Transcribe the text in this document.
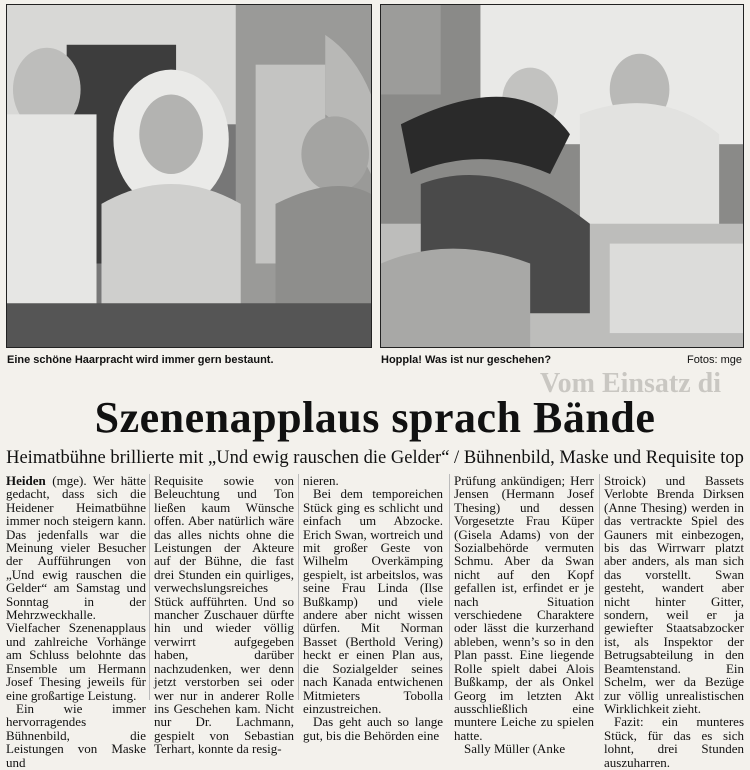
Eine schöne Haarpracht wird immer gern bestaunt.	Hoppla! Was ist nur geschehen?	Fotos: mge
Vom Einsatz di
Szenenapplaus sprach Bände
Heimatbühne brillierte mit „Und ewig rauschen die Gelder“ / Bühnenbild, Maske und Requisite top

Heiden (mge). Wer hätte gedacht, dass sich die Heidener Heimatbühne immer noch steigern kann. Das jedenfalls war die Meinung vieler Besucher der Aufführungen von „Und ewig rauschen die Gelder“ am Samstag und Sonntag in der Mehrzweckhalle. Vielfacher Szenenapplaus und zahlreiche Vorhänge am Schluss belohnte das Ensemble um Hermann Josef Thesing jeweils für eine großartige Leistung.

Ein wie immer hervorragendes Bühnenbild, die Leistungen von Maske und

Requisite sowie von Beleuchtung und Ton ließen kaum Wünsche offen. Aber natürlich wäre das alles nichts ohne die Leistungen der Akteure auf der Bühne, die fast drei Stunden ein quirliges, verwechslungsreiches Stück aufführten. Und so mancher Zuschauer dürfte hin und wieder völlig verwirrt aufgegeben haben, darüber nachzudenken, wer denn jetzt verstorben sei oder wer nur in anderer Rolle ins Geschehen kam. Nicht nur Dr. Lachmann, gespielt von Sebastian Terhart, konnte da resig-

nieren.

Bei dem temporeichen Stück ging es schlicht und einfach um Abzocke. Erich Swan, wortreich und mit großer Geste von Wilhelm Overkämping gespielt, ist arbeitslos, was seine Frau Linda (Ilse Bußkamp) und viele andere aber nicht wissen dürfen. Mit Norman Basset (Berthold Vering) heckt er einen Plan aus, die Sozialgelder seines nach Kanada entwichenen Mitmieters Tobolla einzustreichen.

Das geht auch so lange gut, bis die Behörden eine

Prüfung ankündigen; Herr Jensen (Hermann Josef Thesing) und dessen Vorgesetzte Frau Küper (Gisela Adams) von der Sozialbehörde vermuten Schmu. Aber da Swan nicht auf den Kopf gefallen ist, erfindet er je nach Situation verschiedene Charaktere oder lässt die kurzerhand ableben, wenn’s so in den Plan passt. Eine liegende Rolle spielt dabei Alois Bußkamp, der als Onkel Georg im letzten Akt ausschließlich eine muntere Leiche zu spielen hatte.

Sally Müller (Anke

Stroick) und Bassets Verlobte Brenda Dirksen (Anne Thesing) werden in das vertrackte Spiel des Gauners mit einbezogen, bis das Wirrwarr platzt aber anders, als man sich das vorstellt. Swan gesteht, wandert aber nicht hinter Gitter, sondern, weil er ja gewiefter Staatsabzocker ist, als Inspektor der Betrugsabteilung in den Beamtenstand. Ein Schelm, wer da Bezüge zur völlig unrealistischen Wirklichkeit zieht.

Fazit: ein munteres Stück, für das es sich lohnt, drei Stunden auszuharren.
